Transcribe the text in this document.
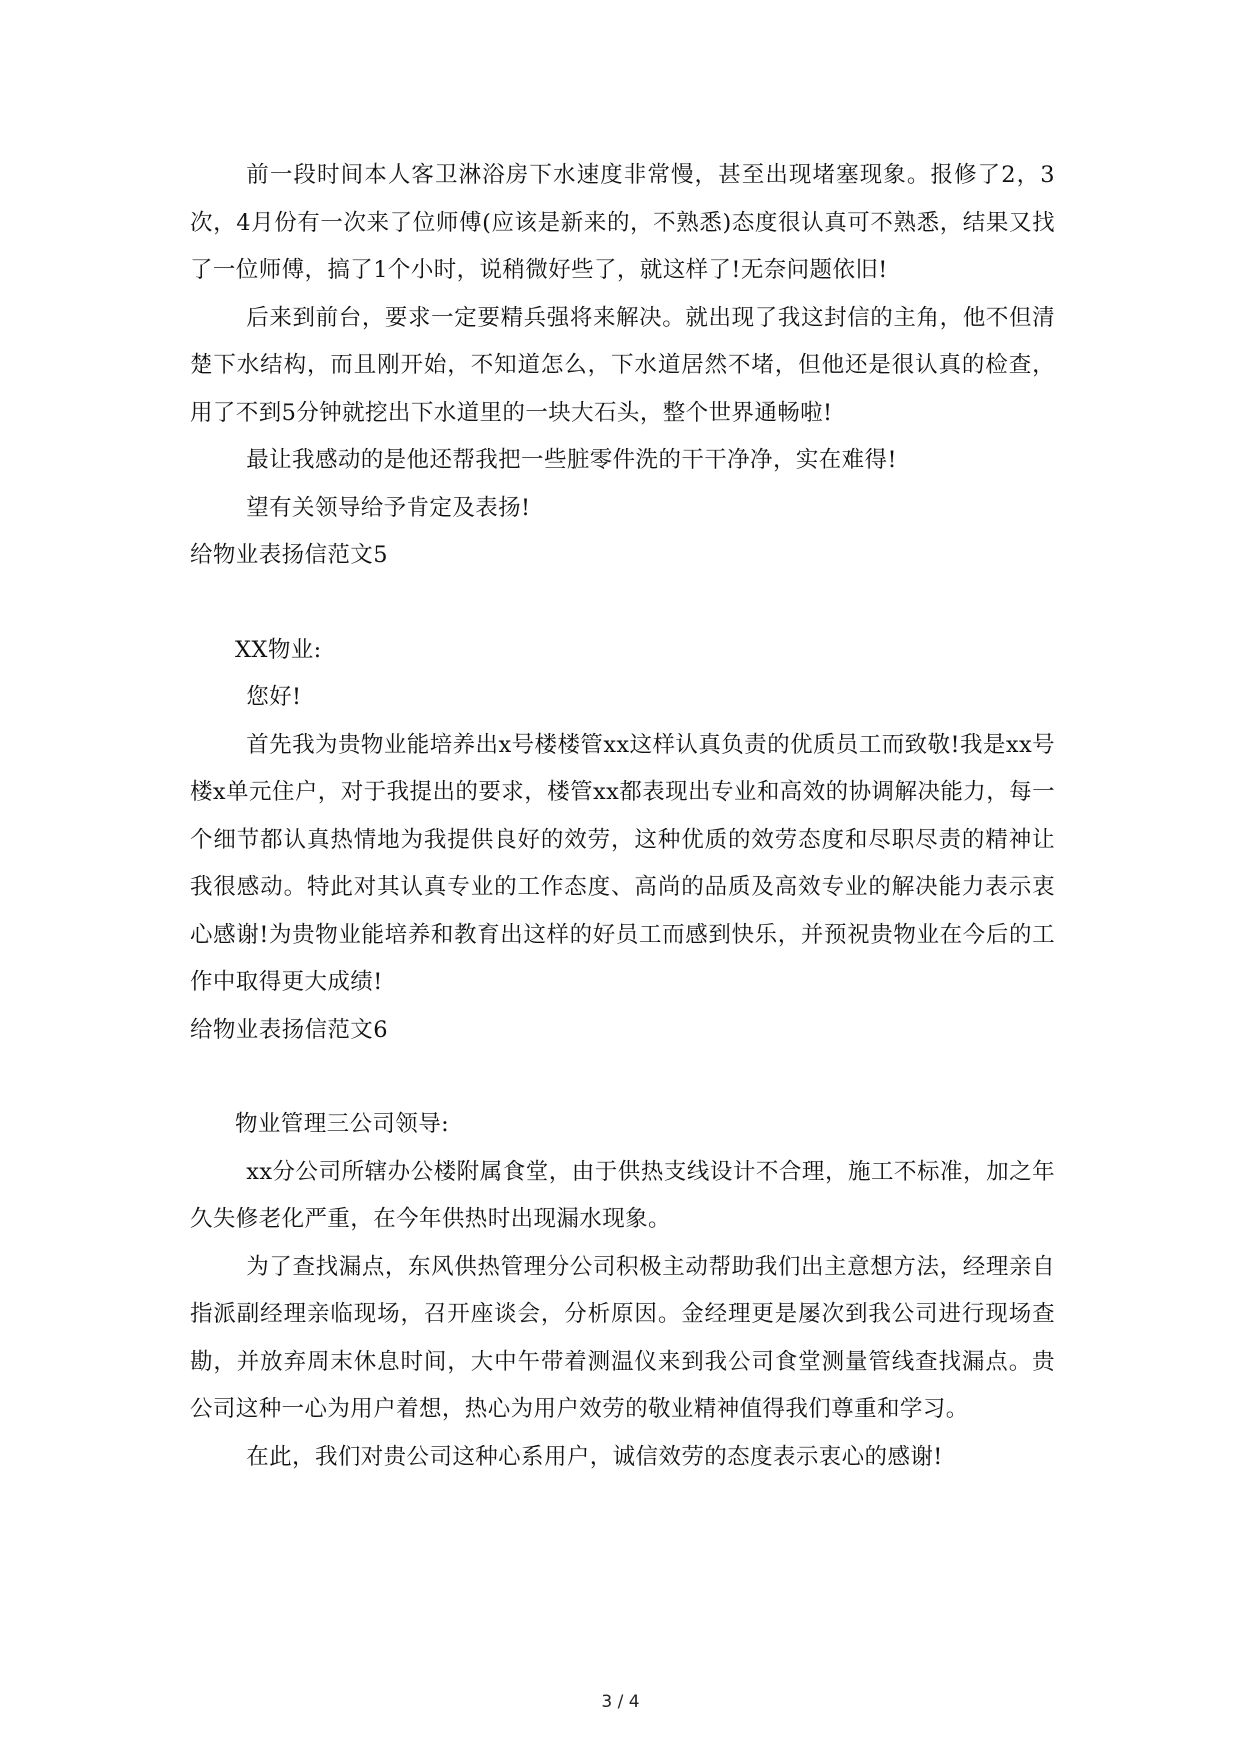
前一段时间本人客卫淋浴房下水速度非常慢，甚至出现堵塞现象。报修了2，3次，4月份有一次来了位师傅(应该是新来的，不熟悉)态度很认真可不熟悉，结果又找了一位师傅，搞了1个小时，说稍微好些了，就这样了!无奈问题依旧!

后来到前台，要求一定要精兵强将来解决。就出现了我这封信的主角，他不但清楚下水结构，而且刚开始，不知道怎么，下水道居然不堵，但他还是很认真的检查，用了不到5分钟就挖出下水道里的一块大石头，整个世界通畅啦!

最让我感动的是他还帮我把一些脏零件洗的干干净净，实在难得!

望有关领导给予肯定及表扬!

给物业表扬信范文5

XX物业:

您好!

首先我为贵物业能培养出x号楼楼管xx这样认真负责的优质员工而致敬!我是xx号楼x单元住户，对于我提出的要求，楼管xx都表现出专业和高效的协调解决能力，每一个细节都认真热情地为我提供良好的效劳，这种优质的效劳态度和尽职尽责的精神让我很感动。特此对其认真专业的工作态度、高尚的品质及高效专业的解决能力表示衷心感谢!为贵物业能培养和教育出这样的好员工而感到快乐，并预祝贵物业在今后的工作中取得更大成绩!

给物业表扬信范文6

物业管理三公司领导:

xx分公司所辖办公楼附属食堂，由于供热支线设计不合理，施工不标准，加之年久失修老化严重，在今年供热时出现漏水现象。

为了查找漏点，东风供热管理分公司积极主动帮助我们出主意想方法，经理亲自指派副经理亲临现场，召开座谈会，分析原因。金经理更是屡次到我公司进行现场查勘，并放弃周末休息时间，大中午带着测温仪来到我公司食堂测量管线查找漏点。贵公司这种一心为用户着想，热心为用户效劳的敬业精神值得我们尊重和学习。

在此，我们对贵公司这种心系用户，诚信效劳的态度表示衷心的感谢!

3 / 4
